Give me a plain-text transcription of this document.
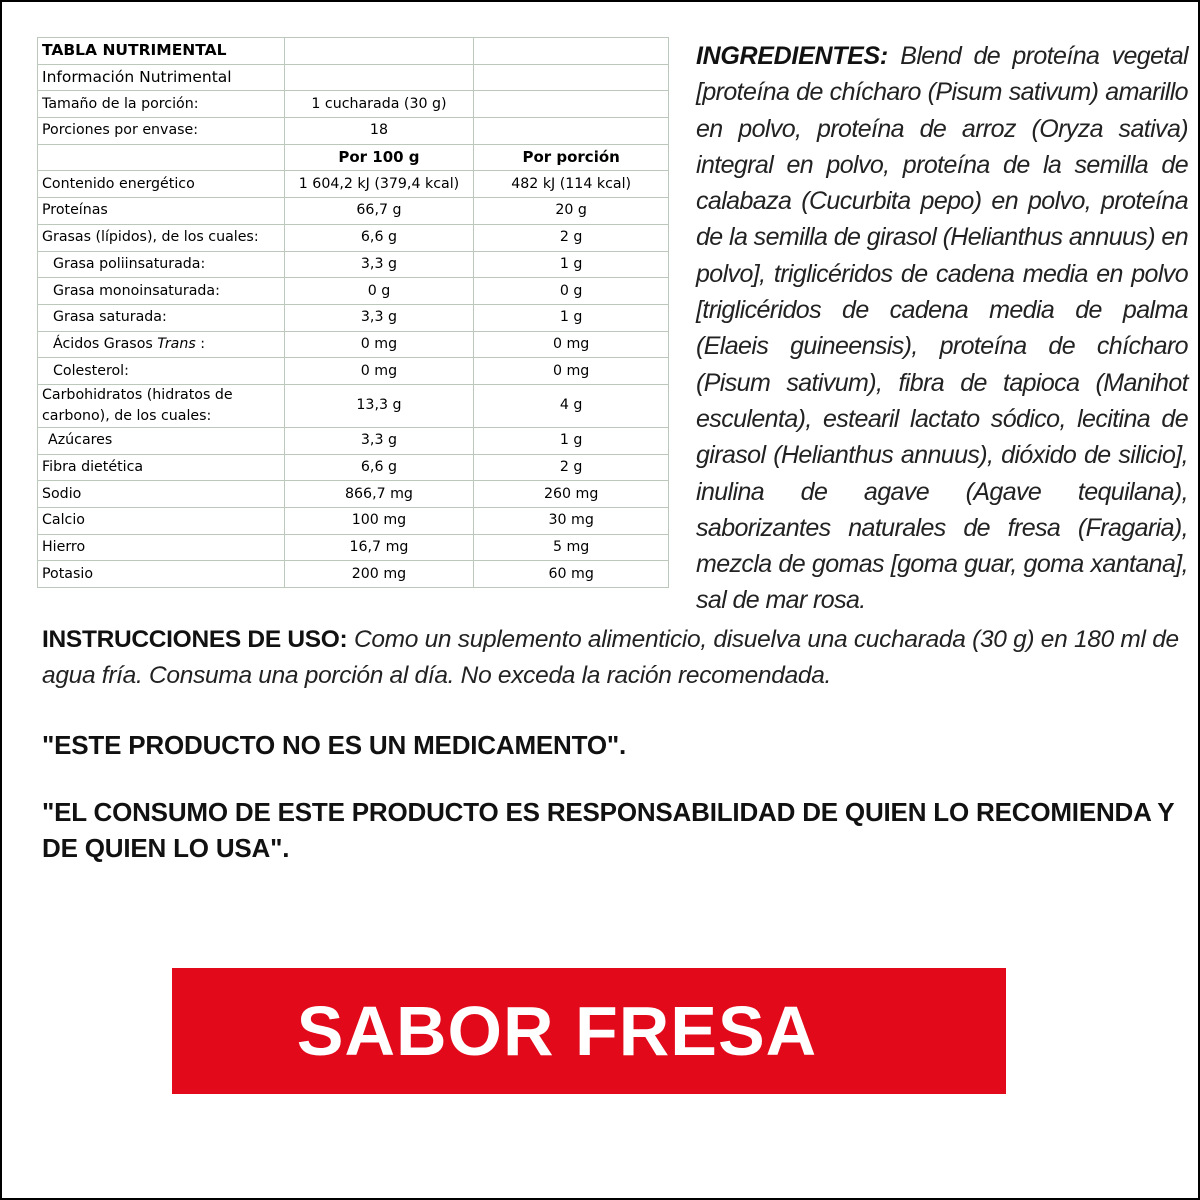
TABLA NUTRIMENTAL		
Información Nutrimental		
Tamaño de la porción:	1 cucharada (30 g)	
Porciones por envase:	18	
	Por 100 g	Por porción
Contenido energético	1 604,2 kJ (379,4 kcal)	482 kJ (114 kcal)
Proteínas	66,7 g	20 g
Grasas (lípidos), de los cuales:	6,6 g	2 g
Grasa poliinsaturada:	3,3 g	1 g
Grasa monoinsaturada:	0 g	0 g
Grasa saturada:	3,3 g	1 g
Ácidos Grasos Trans :	0 mg	0 mg
Colesterol:	0 mg	0 mg
Carbohidratos (hidratos de carbono), de los cuales:	13,3 g	4 g
Azúcares	3,3 g	1 g
Fibra dietética	6,6 g	2 g
Sodio	866,7 mg	260 mg
Calcio	100 mg	30 mg
Hierro	16,7 mg	5 mg
Potasio	200 mg	60 mg

INGREDIENTES: Blend de proteína vegetal [proteína de chícharo (Pisum sativum) amarillo en polvo, proteína de arroz (Oryza sativa) integral en polvo, proteína de la semilla de calabaza (Cucurbita pepo) en polvo, proteína de la semilla de girasol (Helianthus annuus) en polvo], triglicéridos de cadena media en polvo [triglicéridos de cadena media de palma (Elaeis guineensis), proteína de chícharo (Pisum sativum), fibra de tapioca (Manihot esculenta), estearil lactato sódico, lecitina de girasol (Helianthus annuus), dióxido de silicio], inulina de agave (Agave tequilana), saborizantes naturales de fresa (Fragaria), mezcla de gomas [goma guar, goma xantana], sal de mar rosa.

INSTRUCCIONES DE USO: Como un suplemento alimenticio, disuelva una cucharada (30 g) en 180 ml de agua fría. Consuma una porción al día. No exceda la ración recomendada.

"ESTE PRODUCTO NO ES UN MEDICAMENTO".

"EL CONSUMO DE ESTE PRODUCTO ES RESPONSABILIDAD DE QUIEN LO RECOMIENDA Y DE QUIEN LO USA".

SABOR FRESA
